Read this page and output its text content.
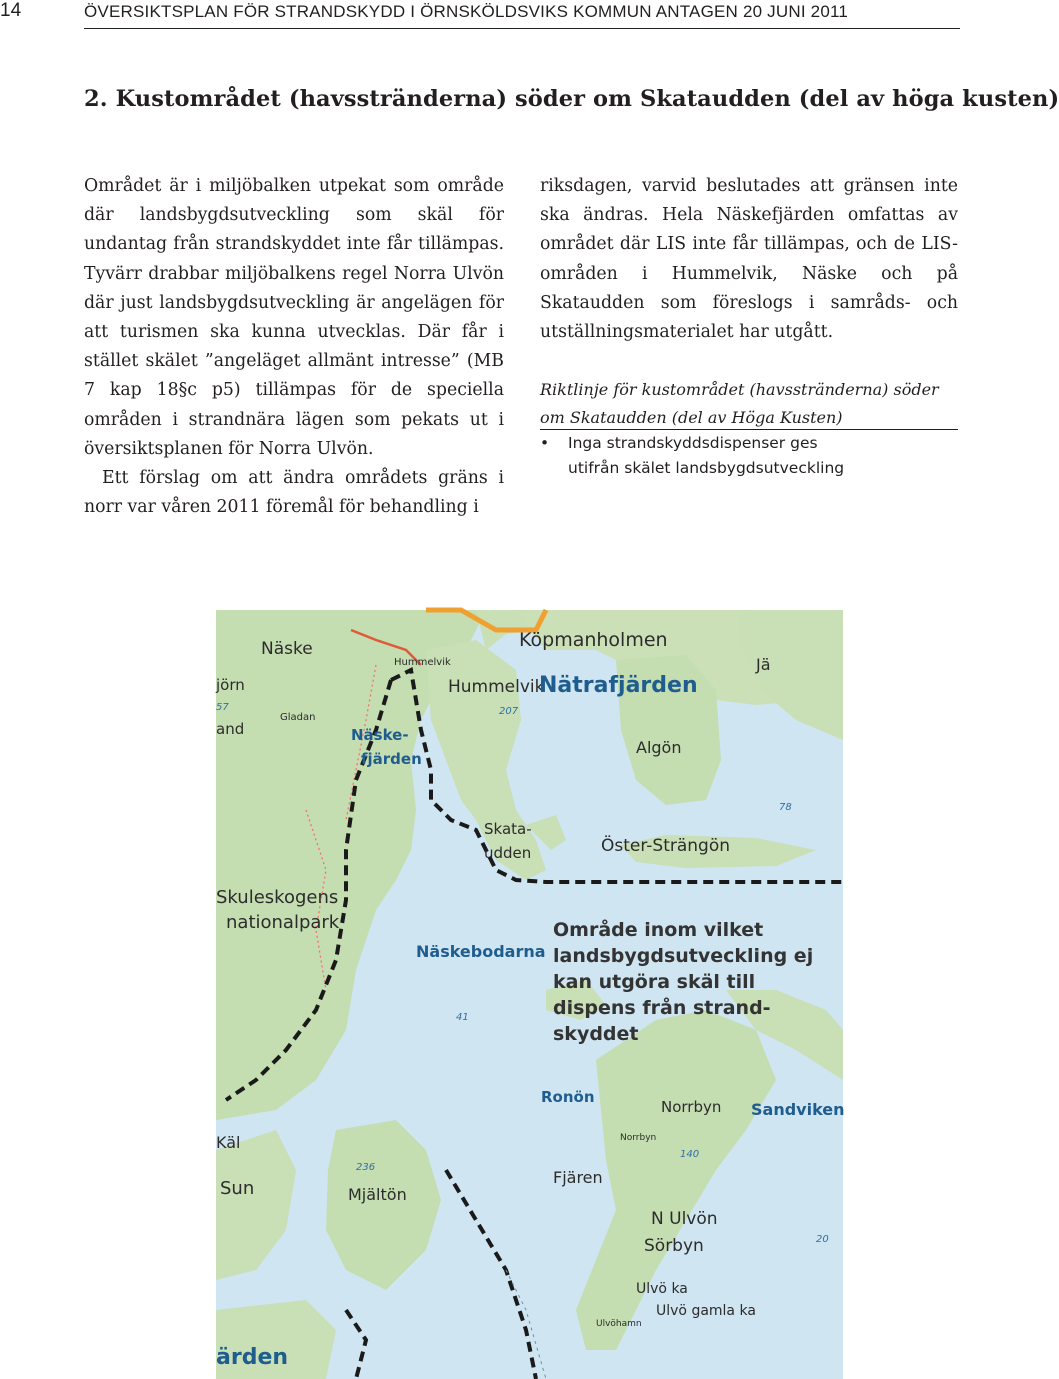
14	ÖVERSIKTSPLAN FÖR STRANDSKYDD I ÖRNSKÖLDSVIKS KOMMUN ANTAGEN 20 JUNI 2011
2. Kustområdet (havsstränderna) söder om Skataudden (del av höga kusten)

Området är i miljöbalken utpekat som område där landsbygdsutveckling som skäl för undantag från strandskyddet inte får tillämpas. Tyvärr drabbar miljöbalkens regel Norra Ulvön där just landsbygdsutveckling är angelägen för att turismen ska kunna utvecklas. Där får i stället skälet ”angeläget allmänt intresse” (MB 7 kap 18§c p5) tillämpas för de speciella områden i strandnära lägen som pekats ut i översiktsplanen för Norra Ulvön.

Ett förslag om att ändra områdets gräns i norr var våren 2011 föremål för behandling i

riksdagen, varvid beslutades att gränsen inte ska ändras. Hela Näskefjärden omfattas av området där LIS inte får tillämpas, och de LIS-områden i Hummelvik, Näske och på Skataudden som föreslogs i samråds- och utställningsmaterialet har utgått.

Riktlinje för kustområdet (havsstränderna) söder om Skataudden (del av Höga Kusten)
• Inga strandskyddsdispenser ges utifrån skälet landsbygdsutveckling
Näske
Hummelvik
Hummelvik
207
Köpmanholmen
Nätrafjärden
Algön
Näske-
fjärden
Skata-
udden	Öster-Strängön
78
Jä
jörn
57
and
Gladan
Skuleskogens
nationalpark
Näskebodarna
41
Område inom vilket
landsbygdsutveckling ej
kan utgöra skäl till
dispens från strand-
skyddet
Ronön
Norrbyn
Norrbyn
140
Sandviken
Fjären
N Ulvön
Sörbyn	20
Ulvö ka
Ulvö gamla ka
Ulvöhamn
236
Mjältön
Käl
Sun
ärden
